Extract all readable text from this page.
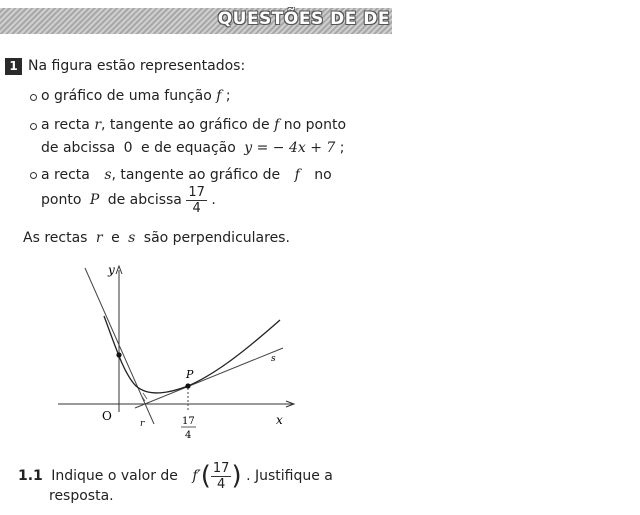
QUESTÕES DE DE
1 Na figura estão representados:
o gráfico de uma função f ;
a recta r, tangente ao gráfico de f no ponto
de abcissa 0 e de equação y = − 4x + 7 ;
a recta s, tangente ao gráfico de f no
ponto P de abcissa $\frac{17}{4}$ .
As rectas r e s são perpendiculares.
y
x
O
P
r
s
17
4
1.1 Indique o valor de $f'( \frac{17}{4}$ ) . Justifique a
resposta.
